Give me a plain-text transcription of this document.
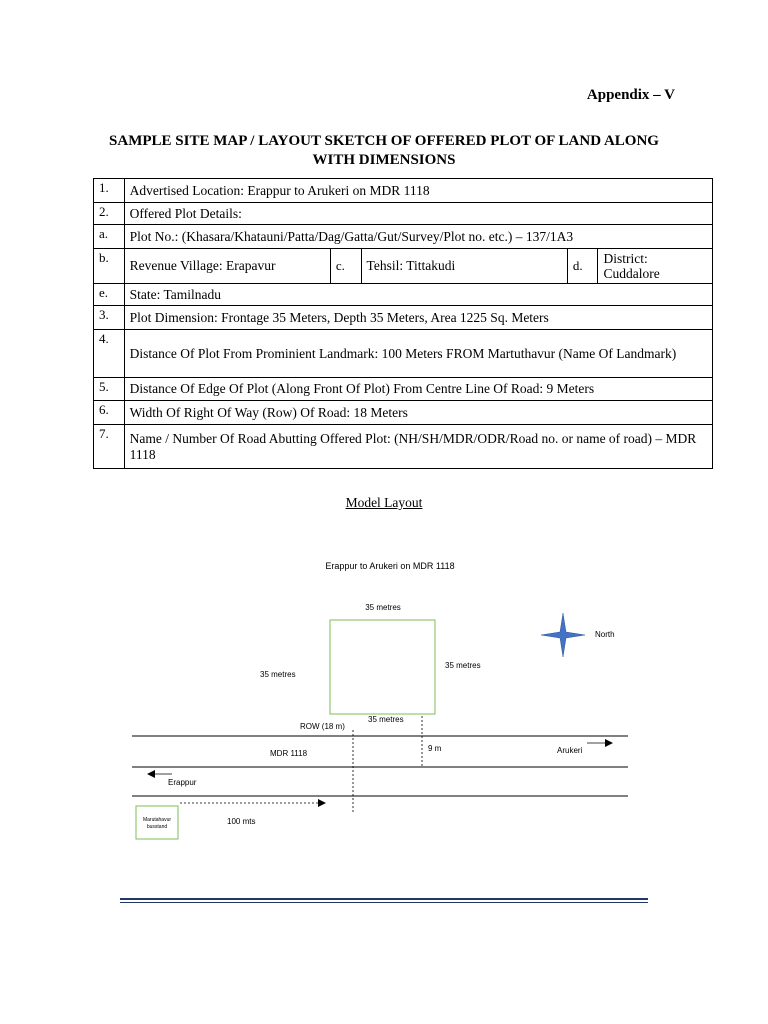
Appendix – V
SAMPLE SITE MAP / LAYOUT SKETCH OF OFFERED PLOT OF LAND ALONG WITH DIMENSIONS
1.	Advertised Location: Erappur to Arukeri on MDR 1118				
2.	Offered Plot Details:				
a.	Plot No.: (Khasara/Khatauni/Patta/Dag/Gatta/Gut/Survey/Plot no. etc.) – 137/1A3				
b.	Revenue Village: Erapavur	c.	Tehsil: Tittakudi	d.	District: Cuddalore
e.	State: Tamilnadu				
3.	Plot Dimension: Frontage 35 Meters, Depth 35 Meters, Area 1225 Sq. Meters				
4.	Distance Of Plot From Prominient Landmark: 100 Meters FROM Martuthavur (Name Of Landmark)				
5.	Distance Of Edge Of Plot (Along Front Of Plot) From Centre Line Of Road: 9 Meters				
6.	Width Of Right Of Way (Row) Of Road: 18 Meters				
7.	Name / Number Of Road Abutting Offered Plot: (NH/SH/MDR/ODR/Road no. or name of road) – MDR 1118				
Model Layout
Erappur to Arukeri on MDR 1118
35 metres
35 metres
35 metres
35 metres
North
ROW (18 m)
9 m
MDR 1118	Arukeri
Erappur
100 mts
Marutahavur
busstand
